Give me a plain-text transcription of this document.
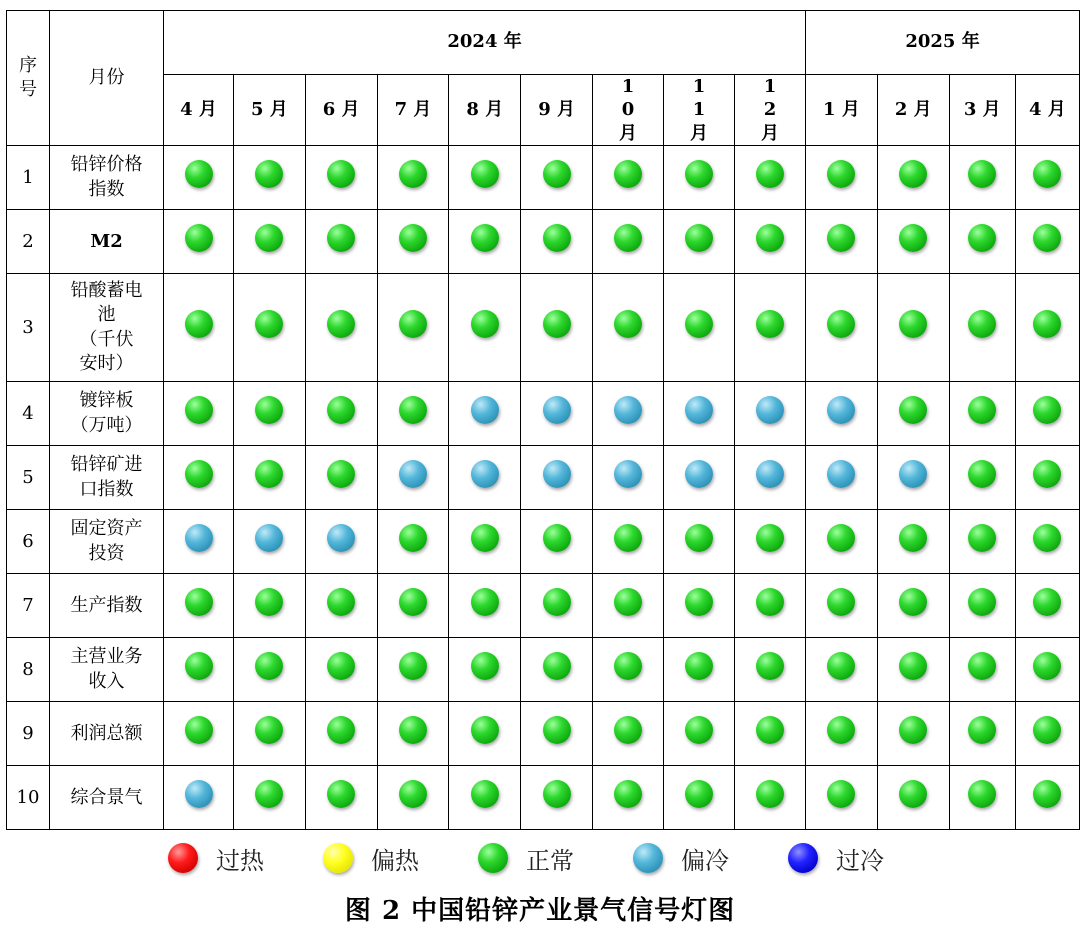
序号	月份	2024 年									2025 年			
		4 月	5 月	6 月	7 月	8 月	9 月	10月	11月	12月	1 月	2 月	3 月	4 月
1	铅锌价格
指数													
2	M2													
3	铅酸蓄电
池
（千伏
安时）													
4	镀锌板
（万吨）													
5	铅锌矿进
口指数													
6	固定资产
投资													
7	生产指数													
8	主营业务
收入													
9	利润总额													
10	综合景气													
过热	偏热	正常	偏冷	过冷
图 2 中国铅锌产业景气信号灯图
